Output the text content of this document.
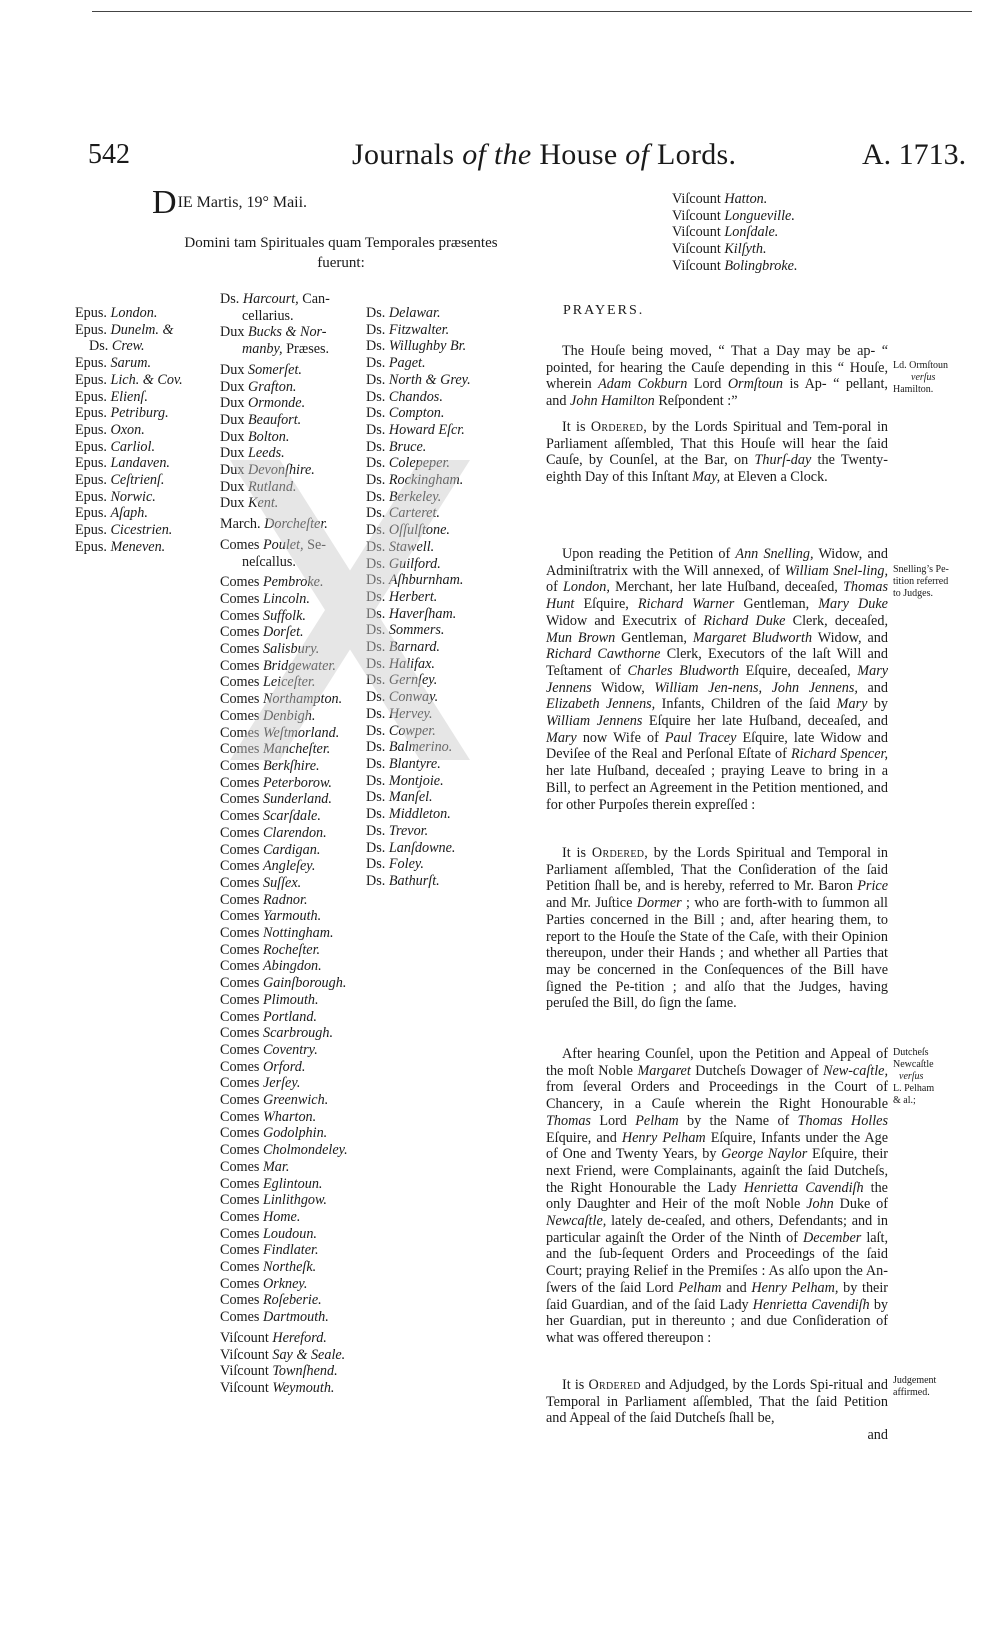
542	Journals of the House of Lords.	A. 1713.
DIE Martis, 19° Maii.
Domini tam Spirituales quam Temporales præsentes
fuerunt:
Epus. London.
Epus. Dunelm. &
Ds. Crew.
Epus. Sarum.
Epus. Lich. & Cov.
Epus. Elienſ.
Epus. Petriburg.
Epus. Oxon.
Epus. Carliol.
Epus. Landaven.
Epus. Ceſtrienſ.
Epus. Norwic.
Epus. Aſaph.
Epus. Cicestrien.
Epus. Meneven.
Ds. Harcourt, Can-
cellarius.
Dux Bucks & Nor-
manby, Præses.

Dux Somerſet.
Dux Grafton.
Dux Ormonde.
Dux Beaufort.
Dux Bolton.
Dux Leeds.
Dux Devonſhire.
Dux Rutland.
Dux Kent.

March. Dorcheſter.

Comes Poulet, Se-
neſcallus.

Comes Pembroke.
Comes Lincoln.
Comes Suffolk.
Comes Dorſet.
Comes Salisbury.
Comes Bridgewater.
Comes Leiceſter.
Comes Northampton.
Comes Denbigh.
Comes Weſtmorland.
Comes Mancheſter.
Comes Berkſhire.
Comes Peterborow.
Comes Sunderland.
Comes Scarſdale.
Comes Clarendon.
Comes Cardigan.
Comes Angleſey.
Comes Suſſex.
Comes Radnor.
Comes Yarmouth.
Comes Nottingham.
Comes Rocheſter.
Comes Abingdon.
Comes Gainſborough.
Comes Plimouth.
Comes Portland.
Comes Scarbrough.
Comes Coventry.
Comes Orford.
Comes Jerſey.
Comes Greenwich.
Comes Wharton.
Comes Godolphin.
Comes Cholmondeley.
Comes Mar.
Comes Eglintoun.
Comes Linlithgow.
Comes Home.
Comes Loudoun.
Comes Findlater.
Comes Northeſk.
Comes Orkney.
Comes Roſeberie.
Comes Dartmouth.

Viſcount Hereford.
Viſcount Say & Seale.
Viſcount Townſhend.
Viſcount Weymouth.
Ds. Delawar.
Ds. Fitzwalter.
Ds. Willughby Br.
Ds. Paget.
Ds. North & Grey.
Ds. Chandos.
Ds. Compton.
Ds. Howard Eſcr.
Ds. Bruce.
Ds. Colepeper.
Ds. Rockingham.
Ds. Berkeley.
Ds. Carteret.
Ds. Oſſulſtone.
Ds. Stawell.
Ds. Guilford.
Ds. Aſhburnham.
Ds. Herbert.
Ds. Haverſham.
Ds. Sommers.
Ds. Barnard.
Ds. Halifax.
Ds. Gernſey.
Ds. Conway.
Ds. Hervey.
Ds. Cowper.
Ds. Balmerino.
Ds. Blantyre.
Ds. Montjoie.
Ds. Manſel.
Ds. Middleton.
Ds. Trevor.
Ds. Lanſdowne.
Ds. Foley.
Ds. Bathurſt.
Viſcount Hatton.
Viſcount Longueville.
Viſcount Lonſdale.
Viſcount Kilſyth.
Viſcount Bolingbroke.
PRAYERS.

The Houſe being moved, “ That a Day may be ap- “ pointed, for hearing the Cauſe depending in this “ Houſe, wherein Adam Cokburn Lord Ormſtoun is Ap- “ pellant, and John Hamilton Reſpondent :”

It is Ordered, by the Lords Spiritual and Tem-poral in Parliament aſſembled, That this Houſe will hear the ſaid Cauſe, by Counſel, at the Bar, on Thurſ-day the Twenty-eighth Day of this Inſtant May, at Eleven a Clock.

Upon reading the Petition of Ann Snelling, Widow, and Adminiſtratrix with the Will annexed, of William Snel-ling, of London, Merchant, her late Huſband, deceaſed, Thomas Hunt Eſquire, Richard Warner Gentleman, Mary Duke Widow and Executrix of Richard Duke Clerk, deceaſed, Mun Brown Gentleman, Margaret Bludworth Widow, and Richard Cawthorne Clerk, Executors of the laſt Will and Teſtament of Charles Bludworth Eſquire, deceaſed, Mary Jennens Widow, William Jen-nens, John Jennens, and Elizabeth Jennens, Infants, Children of the ſaid Mary by William Jennens Eſquire her late Huſband, deceaſed, and Mary now Wife of Paul Tracey Eſquire, late Widow and Deviſee of the Real and Perſonal Eſtate of Richard Spencer, her late Huſband, deceaſed ; praying Leave to bring in a Bill, to perfect an Agreement in the Petition mentioned, and for other Purpoſes therein expreſſed :

It is Ordered, by the Lords Spiritual and Temporal in Parliament aſſembled, That the Conſideration of the ſaid Petition ſhall be, and is hereby, referred to Mr. Baron Price and Mr. Juſtice Dormer ; who are forth-with to ſummon all Parties concerned in the Bill ; and, after hearing them, to report to the Houſe the State of the Caſe, with their Opinion thereupon, under their Hands ; and whether all Parties that may be concerned in the Conſequences of the Bill have ſigned the Pe-tition ; and alſo that the Judges, having peruſed the Bill, do ſign the ſame.

After hearing Counſel, upon the Petition and Appeal of the moſt Noble Margaret Dutcheſs Dowager of New-caſtle, from ſeveral Orders and Proceedings in the Court of Chancery, in a Cauſe wherein the Right Honourable Thomas Lord Pelham by the Name of Thomas Holles Eſquire, and Henry Pelham Eſquire, Infants under the Age of One and Twenty Years, by George Naylor Eſquire, their next Friend, were Complainants, againſt the ſaid Dutcheſs, the Right Honourable the Lady Henrietta Cavendiſh the only Daughter and Heir of the moſt Noble John Duke of Newcaſtle, lately de-ceaſed, and others, Defendants; and in particular againſt the Order of the Ninth of December laſt, and the ſub-ſequent Orders and Proceedings of the ſaid Court; praying Relief in the Premiſes : As alſo upon the An-ſwers of the ſaid Lord Pelham and Henry Pelham, by their ſaid Guardian, and of the ſaid Lady Henrietta Cavendiſh by her Guardian, put in thereunto ; and due Conſideration of what was offered thereupon :

It is Ordered and Adjudged, by the Lords Spi-ritual and Temporal in Parliament aſſembled, That the ſaid Petition and Appeal of the ſaid Dutcheſs ſhall be,

and
Ld. Ormſtoun
verſus
Hamilton.
Snelling’s Pe-
tition referred
to Judges.
Dutcheſs
Newcaſtle
verſus
L. Pelham
& al.;
Judgement
affirmed.
